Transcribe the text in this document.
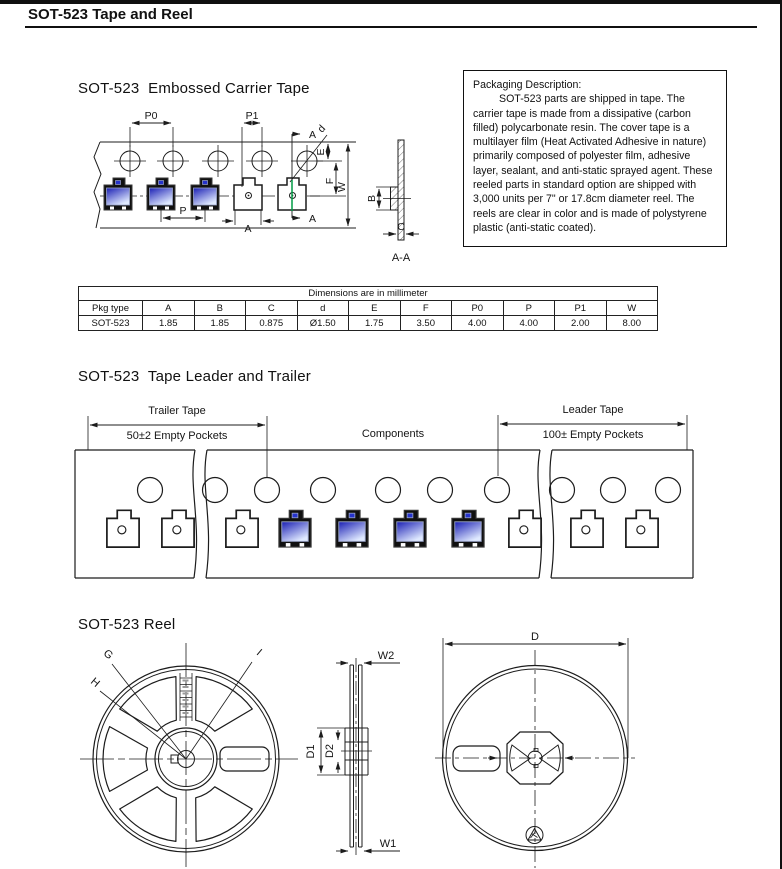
SOT-523 Tape and Reel
SOT-523  Embossed Carrier Tape	Packaging Description:

SOT-523 parts are shipped in tape. The carrier tape is made from a dissipative (carbon filled) polycarbonate resin. The cover tape is a multilayer film (Heat Activated Adhesive in nature) primarily composed of polyester film, adhesive layer, sealant, and anti-static sprayed agent. These reeled parts in standard option are shipped with 3,000 units per 7" or 17.8cm diameter reel. The reels are clear in color and is made of polystyrene plastic (anti-static coated).

P0	P1
d
A
A
E
F
W
P
A
B
C
A-A
Dimensions are in millimeter										
Pkg type	A	B	C	d	E	F	P0	P	P1	W
SOT-523	1.85	1.85	0.875	Ø1.50	1.75	3.50	4.00	4.00	2.00	8.00
SOT-523  Tape Leader and Trailer
Trailer Tape
50±2 Empty Pockets	Components
Leader Tape
100± Empty Pockets
SOT-523 Reel
G
H
I
D1 D2
W2
W1
D
